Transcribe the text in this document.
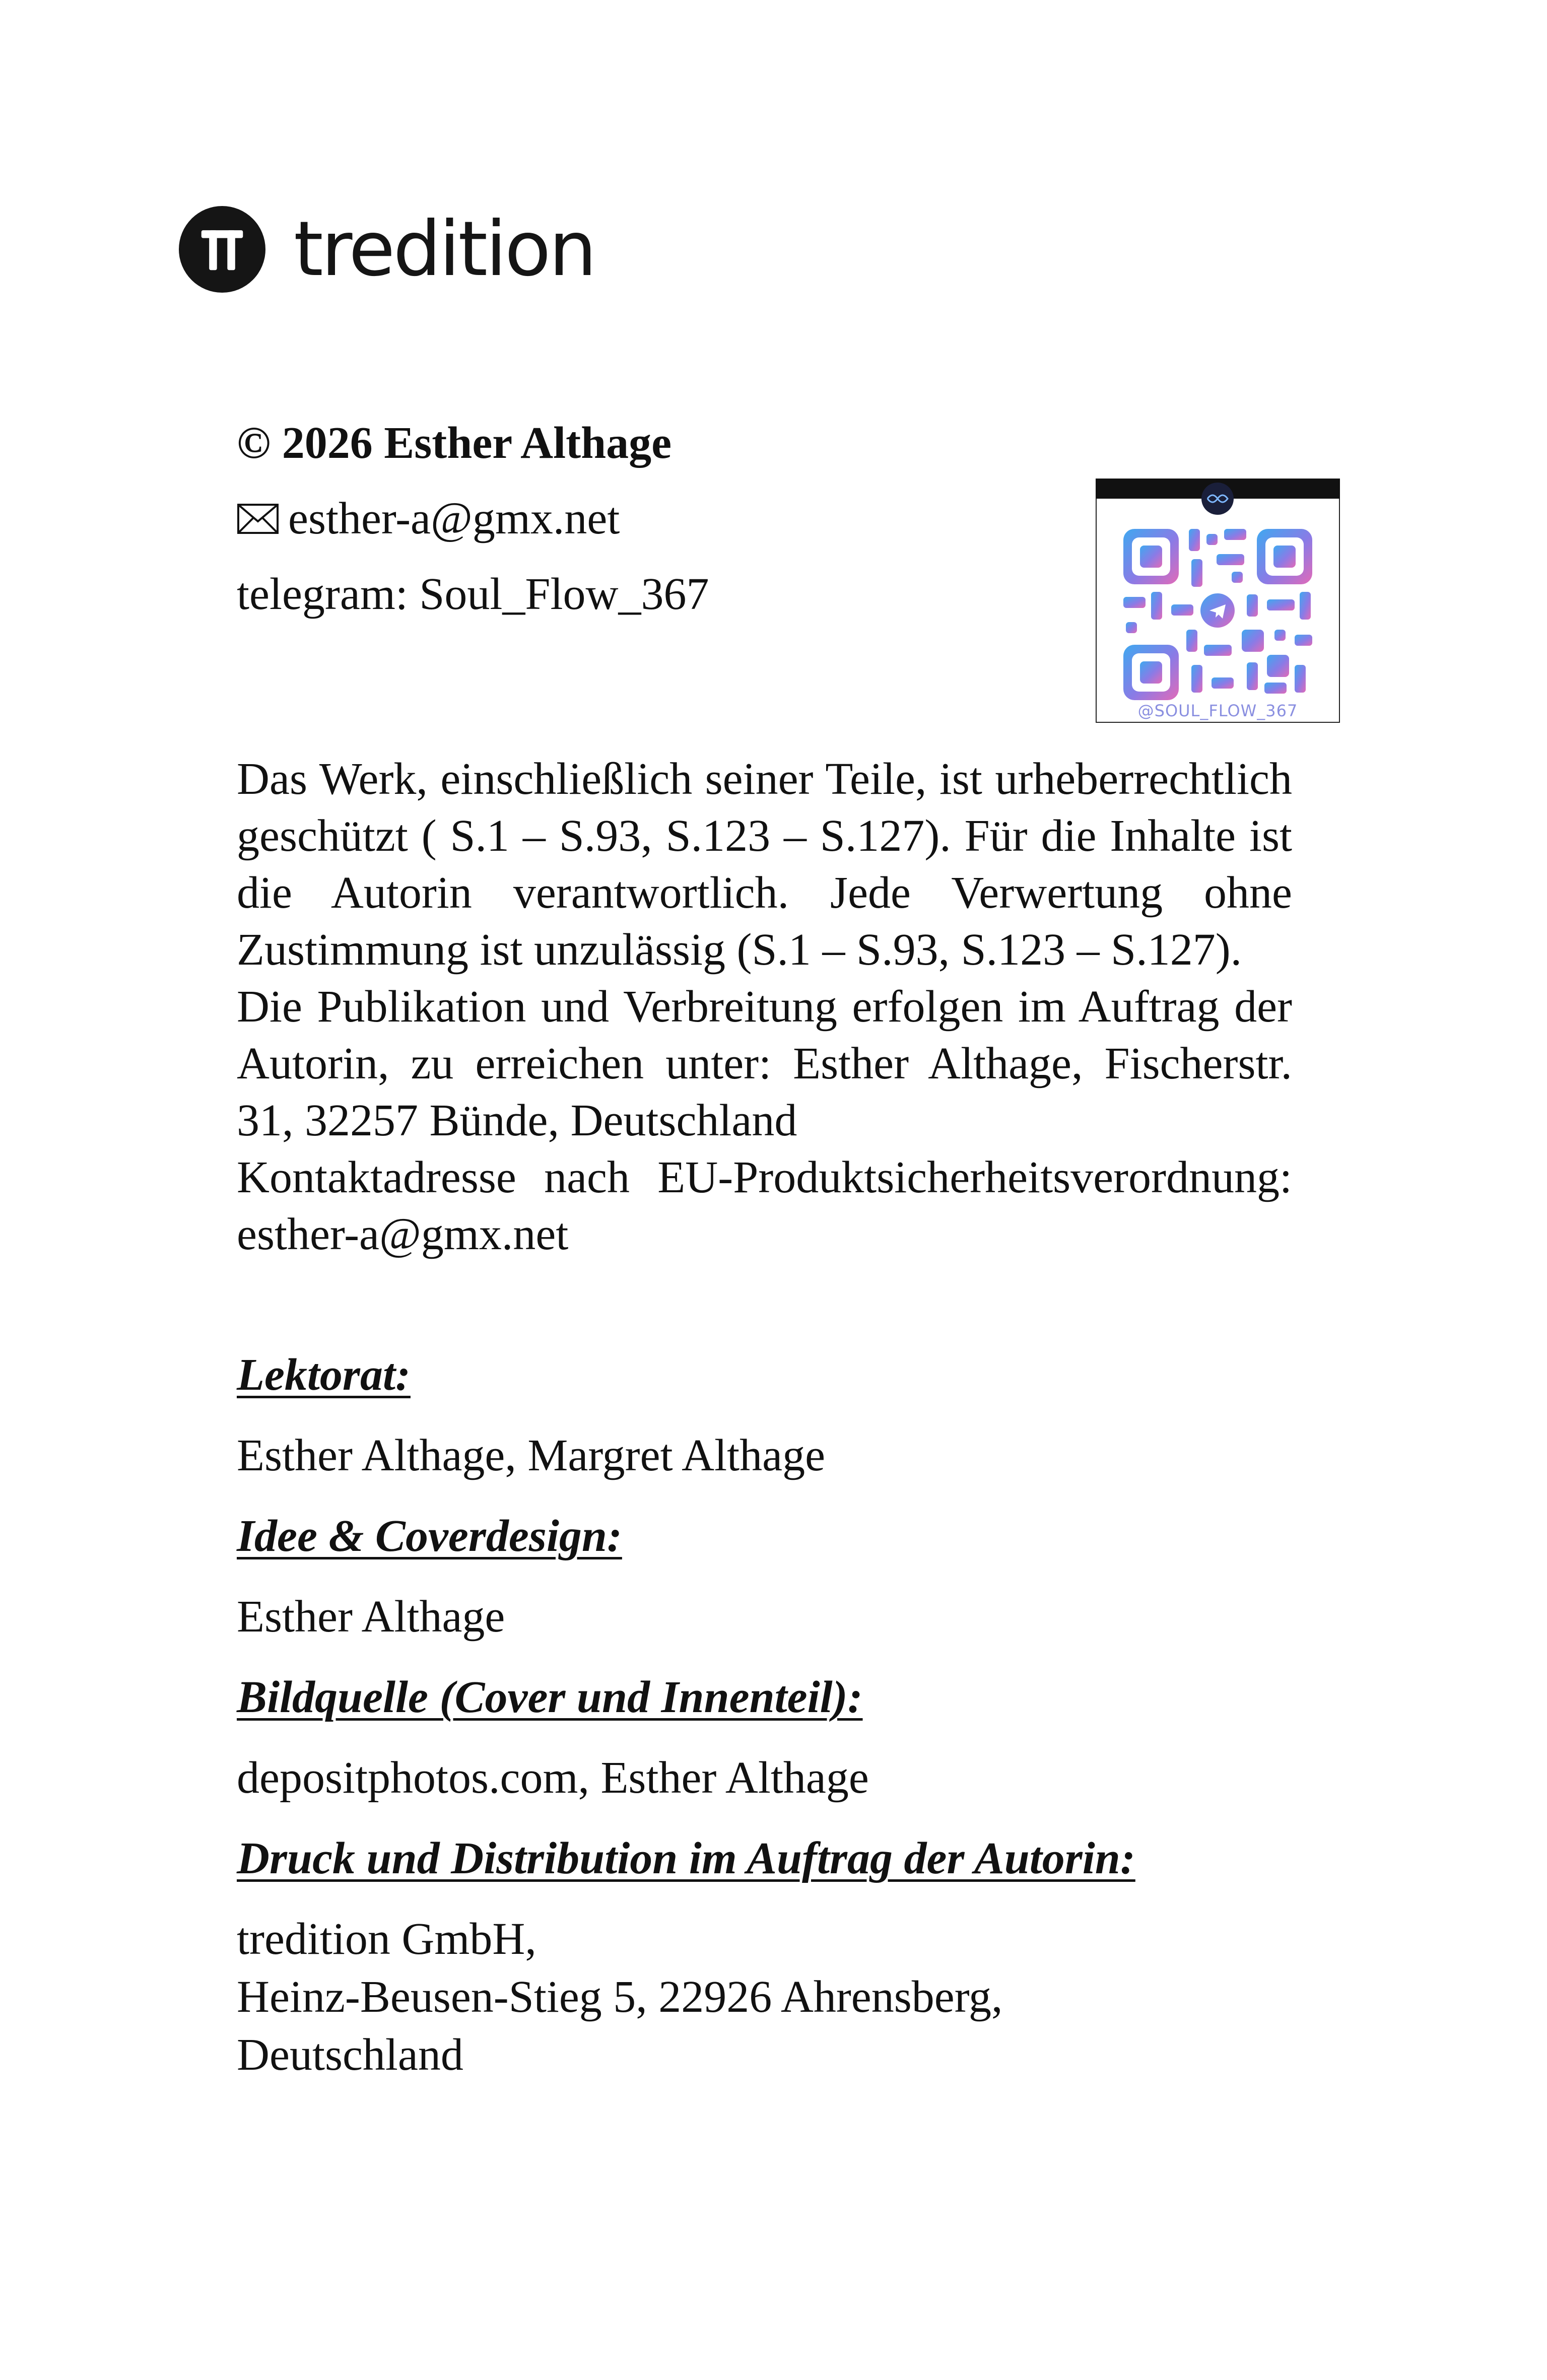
tredition
© 2026 Esther Althage
esther-a@gmx.net
telegram: Soul_Flow_367
@SOUL_FLOW_367

Das Werk, einschließlich seiner Teile, ist urheberrechtlich geschützt ( S.1 – S.93, S.123 – S.127). Für die Inhalte ist die Autorin verantwortlich. Jede Verwertung ohne Zustimmung ist unzulässig (S.1 – S.93, S.123 – S.127).

Die Publikation und Verbreitung erfolgen im Auftrag der Autorin, zu erreichen unter: Esther Althage, Fischerstr. 31, 32257 Bünde, Deutschland

Kontaktadresse nach EU-Produktsicherheitsverordnung: esther-a@gmx.net

Lektorat:
Esther Althage, Margret Althage
Idee & Coverdesign:
Esther Althage
Bildquelle (Cover und Innenteil):
depositphotos.com, Esther Althage
Druck und Distribution im Auftrag der Autorin:
tredition GmbH,
Heinz-Beusen-Stieg 5, 22926 Ahrensberg,
Deutschland
